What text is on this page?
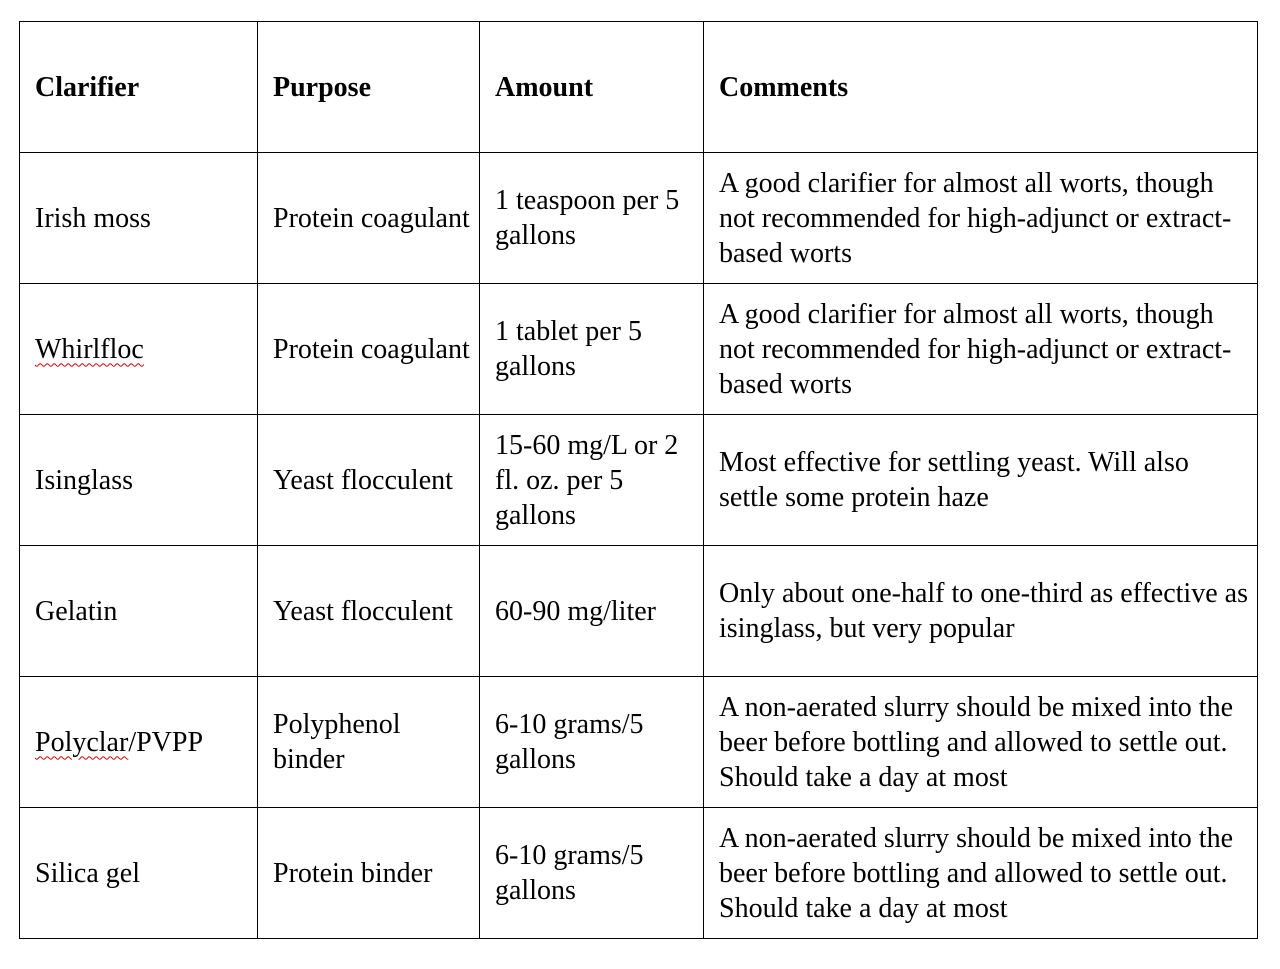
Clarifier	Purpose	Amount	Comments
Irish moss	Protein coagulant	1 teaspoon per 5 gallons	A good clarifier for almost all worts, though not recommended for high-adjunct or extract-based worts
Whirlfloc	Protein coagulant	1 tablet per 5 gallons	A good clarifier for almost all worts, though not recommended for high-adjunct or extract-based worts
Isinglass	Yeast flocculent	15-60 mg/L or 2 fl. oz. per 5 gallons	Most effective for settling yeast. Will also settle some protein haze
Gelatin	Yeast flocculent	60-90 mg/liter	Only about one-half to one-third as effective as isinglass, but very popular
Polyclar/PVPP	Polyphenol binder	6-10 grams/5 gallons	A non-aerated slurry should be mixed into the beer before bottling and allowed to settle out. Should take a day at most
Silica gel	Protein binder	6-10 grams/5 gallons	A non-aerated slurry should be mixed into the beer before bottling and allowed to settle out. Should take a day at most
